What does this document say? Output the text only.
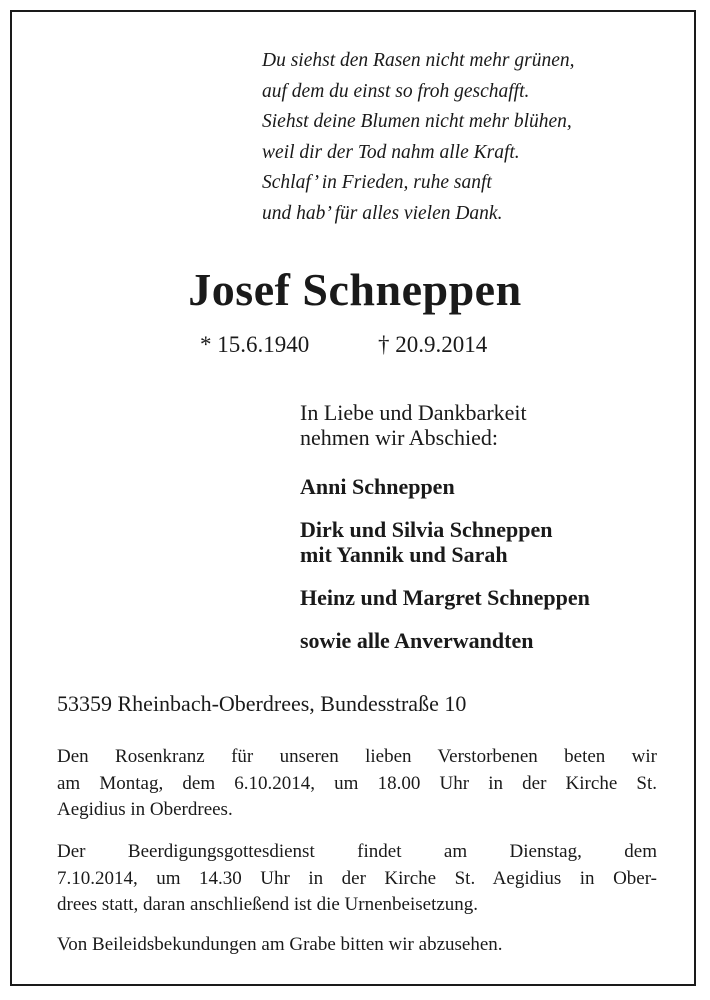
Du siehst den Rasen nicht mehr grünen,
auf dem du einst so froh geschafft.
Siehst deine Blumen nicht mehr blühen,
weil dir der Tod nahm alle Kraft.
Schlaf’ in Frieden, ruhe sanft
und hab’ für alles vielen Dank.
Josef Schneppen
* 15.6.1940	† 20.9.2014
In Liebe und Dankbarkeit
nehmen wir Abschied:
Anni Schneppen
Dirk und Silvia Schneppen
mit Yannik und Sarah
Heinz und Margret Schneppen
sowie alle Anverwandten
53359 Rheinbach-Oberdrees, Bundesstraße 10
Den Rosenkranz für unseren lieben Verstorbenen beten wir
am Montag, dem 6.10.2014, um 18.00 Uhr in der Kirche St.
Aegidius in Oberdrees.
Der Beerdigungsgottesdienst findet am Dienstag, dem
7.10.2014, um 14.30 Uhr in der Kirche St. Aegidius in Ober-
drees statt, daran anschließend ist die Urnenbeisetzung.
Von Beileidsbekundungen am Grabe bitten wir abzusehen.
